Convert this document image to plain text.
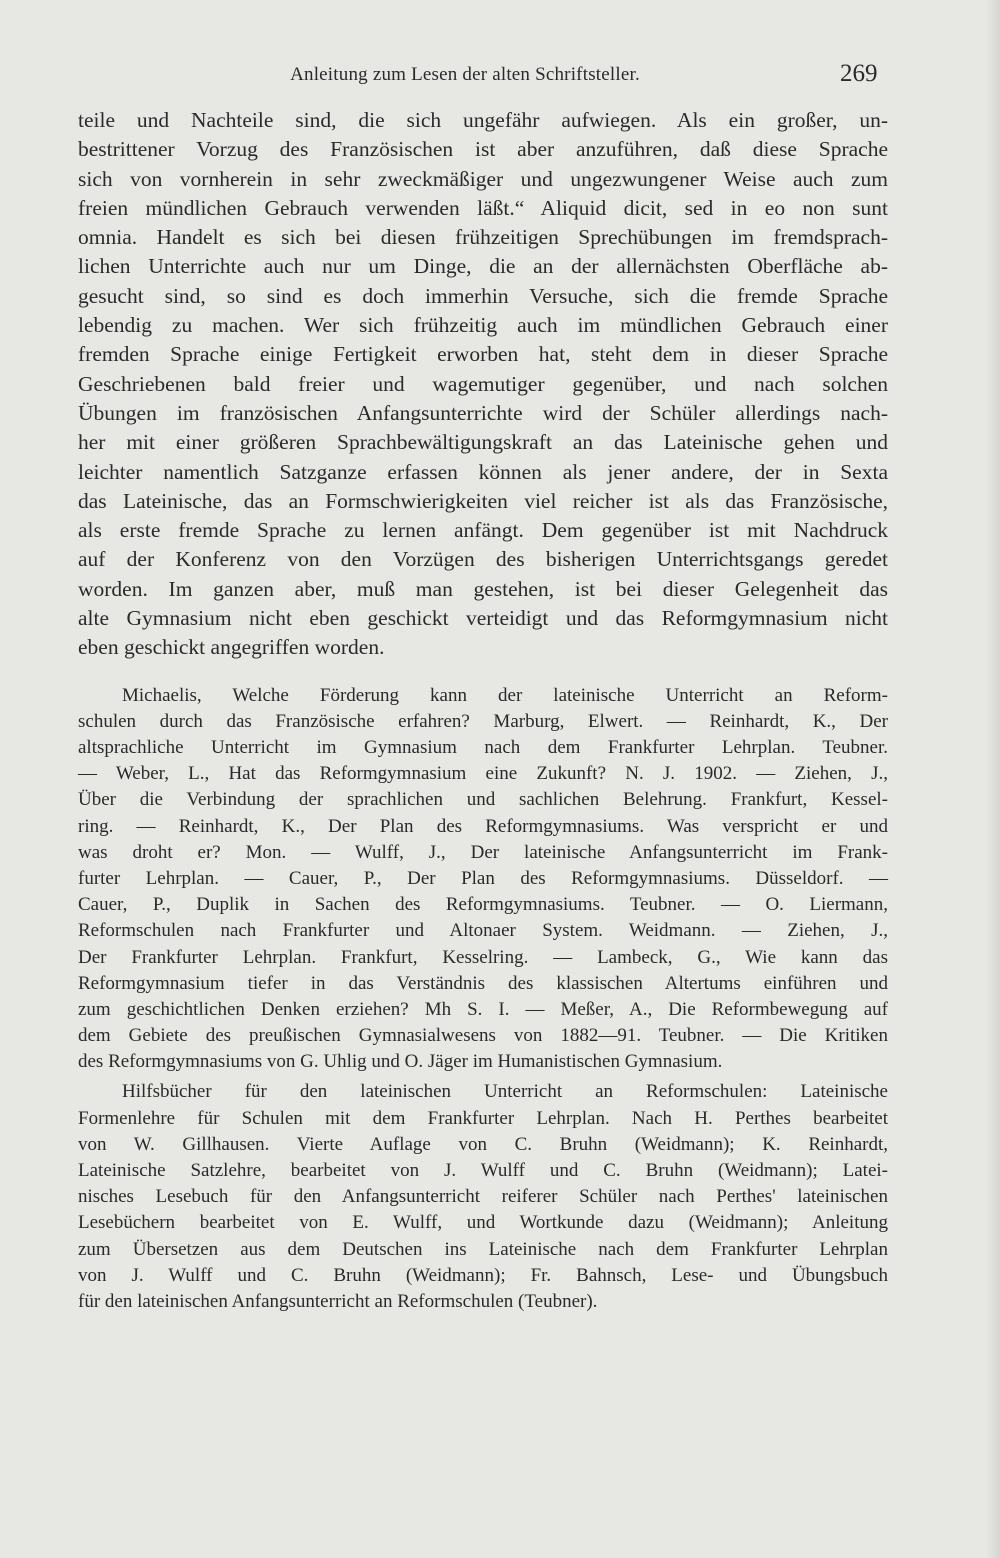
Anleitung zum Lesen der alten Schriftsteller.	269
teile und Nachteile sind, die sich ungefähr aufwiegen. Als ein großer, un-
bestrittener Vorzug des Französischen ist aber anzuführen, daß diese Sprache
sich von vornherein in sehr zweckmäßiger und ungezwungener Weise auch zum
freien mündlichen Gebrauch verwenden läßt.“ Aliquid dicit, sed in eo non sunt
omnia. Handelt es sich bei diesen frühzeitigen Sprechübungen im fremdsprach-
lichen Unterrichte auch nur um Dinge, die an der allernächsten Oberfläche ab-
gesucht sind, so sind es doch immerhin Versuche, sich die fremde Sprache
lebendig zu machen. Wer sich frühzeitig auch im mündlichen Gebrauch einer
fremden Sprache einige Fertigkeit erworben hat, steht dem in dieser Sprache
Geschriebenen bald freier und wagemutiger gegenüber, und nach solchen
Übungen im französischen Anfangsunterrichte wird der Schüler allerdings nach-
her mit einer größeren Sprachbewältigungskraft an das Lateinische gehen und
leichter namentlich Satzganze erfassen können als jener andere, der in Sexta
das Lateinische, das an Formschwierigkeiten viel reicher ist als das Französische,
als erste fremde Sprache zu lernen anfängt. Dem gegenüber ist mit Nachdruck
auf der Konferenz von den Vorzügen des bisherigen Unterrichtsgangs geredet
worden. Im ganzen aber, muß man gestehen, ist bei dieser Gelegenheit das
alte Gymnasium nicht eben geschickt verteidigt und das Reformgymnasium nicht
eben geschickt angegriffen worden.
Michaelis, Welche Förderung kann der lateinische Unterricht an Reform-
schulen durch das Französische erfahren? Marburg, Elwert. — Reinhardt, K., Der
altsprachliche Unterricht im Gymnasium nach dem Frankfurter Lehrplan. Teubner.
— Weber, L., Hat das Reformgymnasium eine Zukunft? N. J. 1902. — Ziehen, J.,
Über die Verbindung der sprachlichen und sachlichen Belehrung. Frankfurt, Kessel-
ring. — Reinhardt, K., Der Plan des Reformgymnasiums. Was verspricht er und
was droht er? Mon. — Wulff, J., Der lateinische Anfangsunterricht im Frank-
furter Lehrplan. — Cauer, P., Der Plan des Reformgymnasiums. Düsseldorf. —
Cauer, P., Duplik in Sachen des Reformgymnasiums. Teubner. — O. Liermann,
Reformschulen nach Frankfurter und Altonaer System. Weidmann. — Ziehen, J.,
Der Frankfurter Lehrplan. Frankfurt, Kesselring. — Lambeck, G., Wie kann das
Reformgymnasium tiefer in das Verständnis des klassischen Altertums einführen und
zum geschichtlichen Denken erziehen? Mh S. I. — Meßer, A., Die Reformbewegung auf
dem Gebiete des preußischen Gymnasialwesens von 1882—91. Teubner. — Die Kritiken
des Reformgymnasiums von G. Uhlig und O. Jäger im Humanistischen Gymnasium.
Hilfsbücher für den lateinischen Unterricht an Reformschulen: Lateinische
Formenlehre für Schulen mit dem Frankfurter Lehrplan. Nach H. Perthes bearbeitet
von W. Gillhausen. Vierte Auflage von C. Bruhn (Weidmann); K. Reinhardt,
Lateinische Satzlehre, bearbeitet von J. Wulff und C. Bruhn (Weidmann); Latei-
nisches Lesebuch für den Anfangsunterricht reiferer Schüler nach Perthes' lateinischen
Lesebüchern bearbeitet von E. Wulff, und Wortkunde dazu (Weidmann); Anleitung
zum Übersetzen aus dem Deutschen ins Lateinische nach dem Frankfurter Lehrplan
von J. Wulff und C. Bruhn (Weidmann); Fr. Bahnsch, Lese- und Übungsbuch
für den lateinischen Anfangsunterricht an Reformschulen (Teubner).
